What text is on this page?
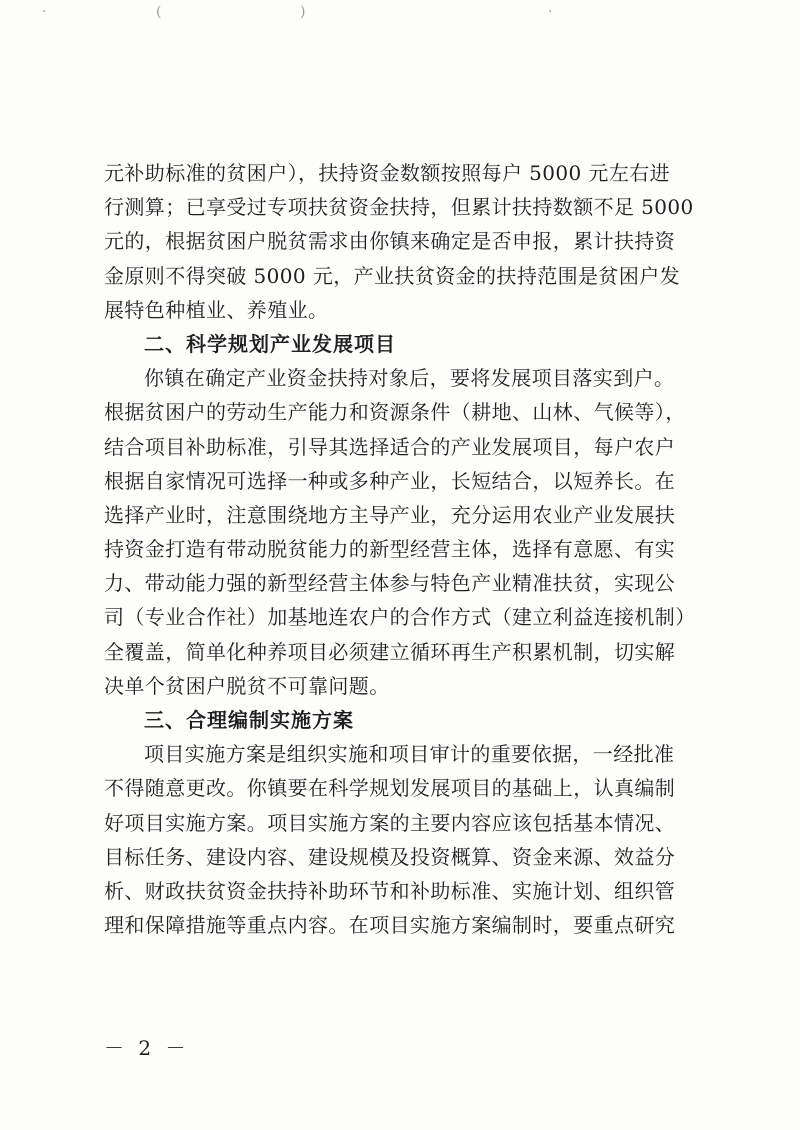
·	(	)	·
元补助标准的贫困户），扶持资金数额按照每户 5000 元左右进
行测算；已享受过专项扶贫资金扶持，但累计扶持数额不足 5000
元的，根据贫困户脱贫需求由你镇来确定是否申报，累计扶持资
金原则不得突破 5000 元，产业扶贫资金的扶持范围是贫困户发
展特色种植业、养殖业。
二、科学规划产业发展项目
你镇在确定产业资金扶持对象后，要将发展项目落实到户。
根据贫困户的劳动生产能力和资源条件（耕地、山林、气候等），
结合项目补助标准，引导其选择适合的产业发展项目，每户农户
根据自家情况可选择一种或多种产业，长短结合，以短养长。在
选择产业时，注意围绕地方主导产业，充分运用农业产业发展扶
持资金打造有带动脱贫能力的新型经营主体，选择有意愿、有实
力、带动能力强的新型经营主体参与特色产业精准扶贫，实现公
司（专业合作社）加基地连农户的合作方式（建立利益连接机制）
全覆盖，简单化种养项目必须建立循环再生产积累机制，切实解
决单个贫困户脱贫不可靠问题。
三、合理编制实施方案
项目实施方案是组织实施和项目审计的重要依据，一经批准
不得随意更改。你镇要在科学规划发展项目的基础上，认真编制
好项目实施方案。项目实施方案的主要内容应该包括基本情况、
目标任务、建设内容、建设规模及投资概算、资金来源、效益分
析、财政扶贫资金扶持补助环节和补助标准、实施计划、组织管
理和保障措施等重点内容。在项目实施方案编制时，要重点研究
－ 2 －
